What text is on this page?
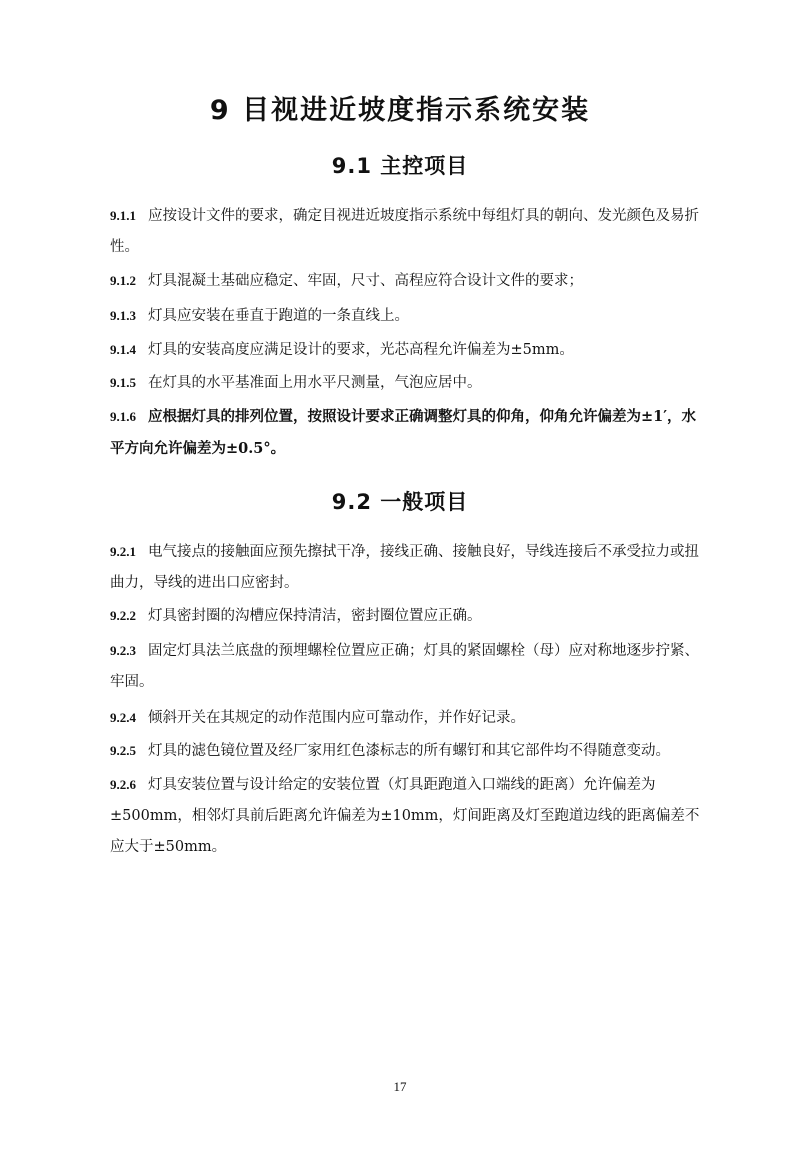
9 目视进近坡度指示系统安装
9.1 主控项目
9.1.1 应按设计文件的要求，确定目视进近坡度指示系统中每组灯具的朝向、发光颜色及易折性。
9.1.2 灯具混凝土基础应稳定、牢固，尺寸、高程应符合设计文件的要求；
9.1.3 灯具应安装在垂直于跑道的一条直线上。
9.1.4 灯具的安装高度应满足设计的要求，光芯高程允许偏差为±5mm。
9.1.5 在灯具的水平基准面上用水平尺测量，气泡应居中。
9.1.6 应根据灯具的排列位置，按照设计要求正确调整灯具的仰角，仰角允许偏差为±1′，水平方向允许偏差为±0.5°。
9.2 一般项目
9.2.1 电气接点的接触面应预先擦拭干净，接线正确、接触良好，导线连接后不承受拉力或扭曲力，导线的进出口应密封。
9.2.2 灯具密封圈的沟槽应保持清洁，密封圈位置应正确。
9.2.3 固定灯具法兰底盘的预埋螺栓位置应正确；灯具的紧固螺栓（母）应对称地逐步拧紧、牢固。
9.2.4 倾斜开关在其规定的动作范围内应可靠动作，并作好记录。
9.2.5 灯具的滤色镜位置及经厂家用红色漆标志的所有螺钉和其它部件均不得随意变动。
9.2.6 灯具安装位置与设计给定的安装位置（灯具距跑道入口端线的距离）允许偏差为±500mm，相邻灯具前后距离允许偏差为±10mm，灯间距离及灯至跑道边线的距离偏差不应大于±50mm。
17
